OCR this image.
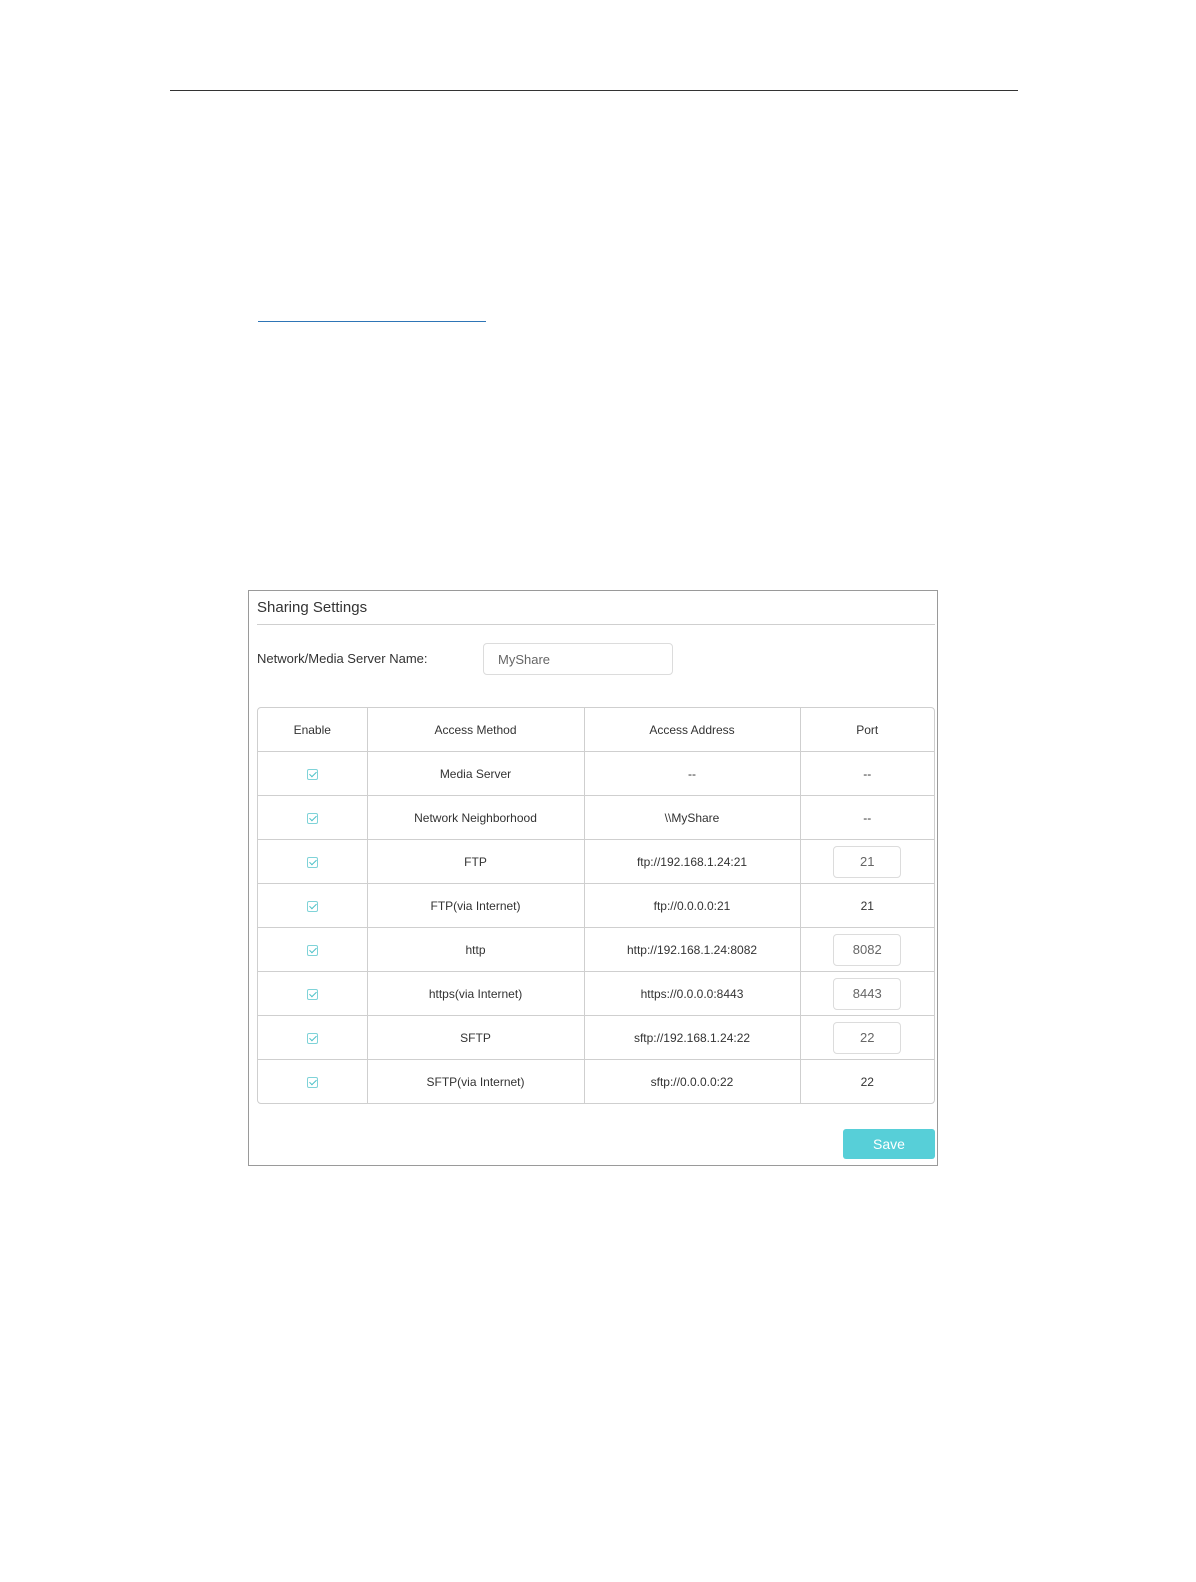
Sharing Settings
Network/Media Server Name:
MyShare
Enable	Access Method	Access Address	Port
	Media Server	--	--
	Network Neighborhood	\\MyShare	--
	FTP	ftp://192.168.1.24:21	21
	FTP(via Internet)	ftp://0.0.0.0:21	21
	http	http://192.168.1.24:8082	8082
	https(via Internet)	https://0.0.0.0:8443	8443
	SFTP	sftp://192.168.1.24:22	22
	SFTP(via Internet)	sftp://0.0.0.0:22	22
Save
